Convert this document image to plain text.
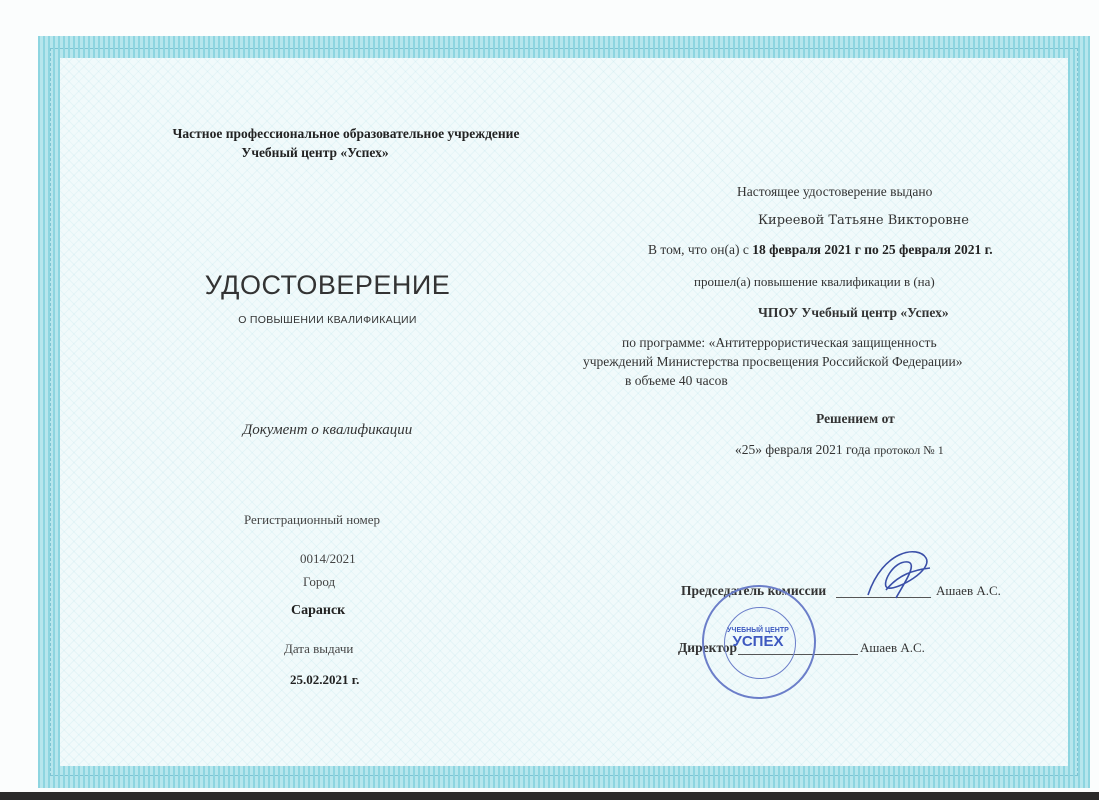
Частное профессиональное образовательное учреждение
Учебный центр «Успех»
УДОСТОВЕРЕНИЕ
О ПОВЫШЕНИИ КВАЛИФИКАЦИИ
Документ о квалификации
Регистрационный номер
0014/2021
Город
Саранск
Дата выдачи
25.02.2021 г.
Настоящее удостоверение выдано
Киреевой Татьяне Викторовне
В том, что он(а) с 18 февраля 2021 г по 25 февраля 2021 г.
прошел(а) повышение квалификации в (на)
ЧПОУ Учебный центр «Успех»
по программе: «Антитеррористическая защищенность
учреждений Министерства просвещения Российской Федерации»
в объеме 40 часов
Решением от
«25» февраля 2021 года протокол № 1
Председатель комиссии	Ашаев А.С.
Директор	Ашаев А.С.
УЧЕБНЫЙ ЦЕНТР
УСПЕХ
